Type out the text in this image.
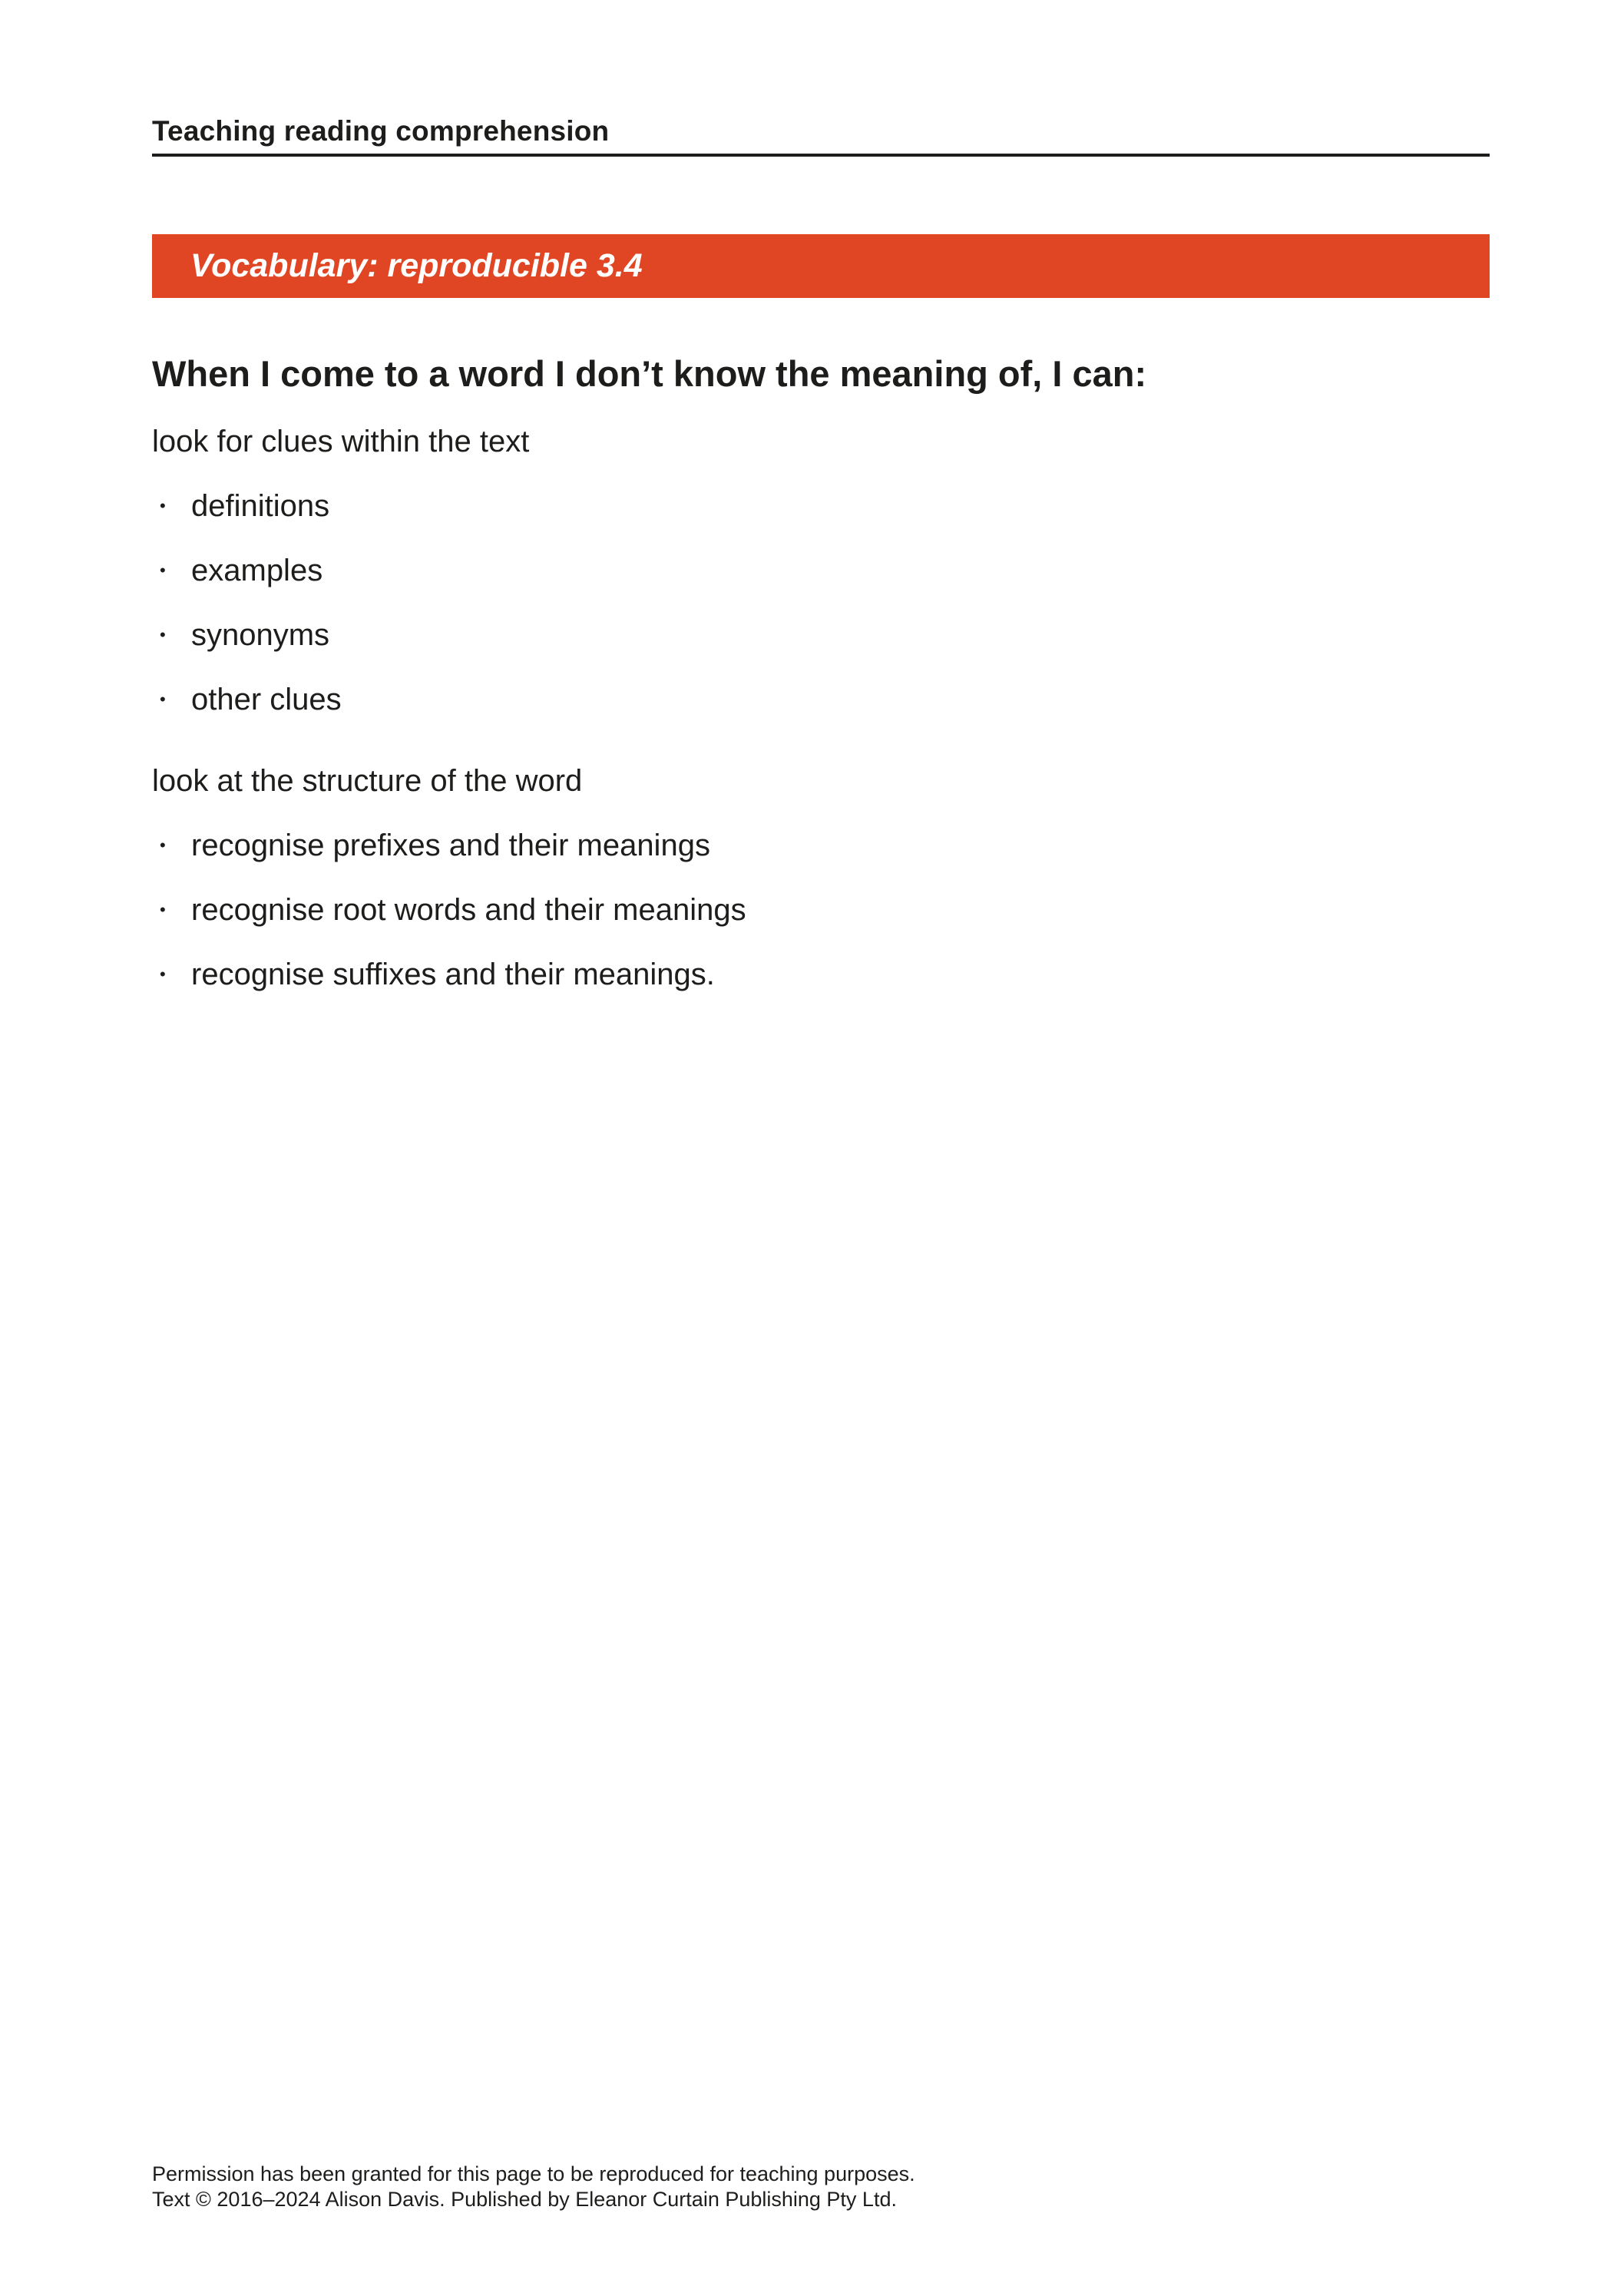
Teaching reading comprehension
Vocabulary: reproducible 3.4
When I come to a word I don’t know the meaning of, I can:
look for clues within the text
• definitions
• examples
• synonyms
• other clues
look at the structure of the word
• recognise prefixes and their meanings
• recognise root words and their meanings
• recognise suffixes and their meanings.
Permission has been granted for this page to be reproduced for teaching purposes.
Text © 2016–2024 Alison Davis. Published by Eleanor Curtain Publishing Pty Ltd.
